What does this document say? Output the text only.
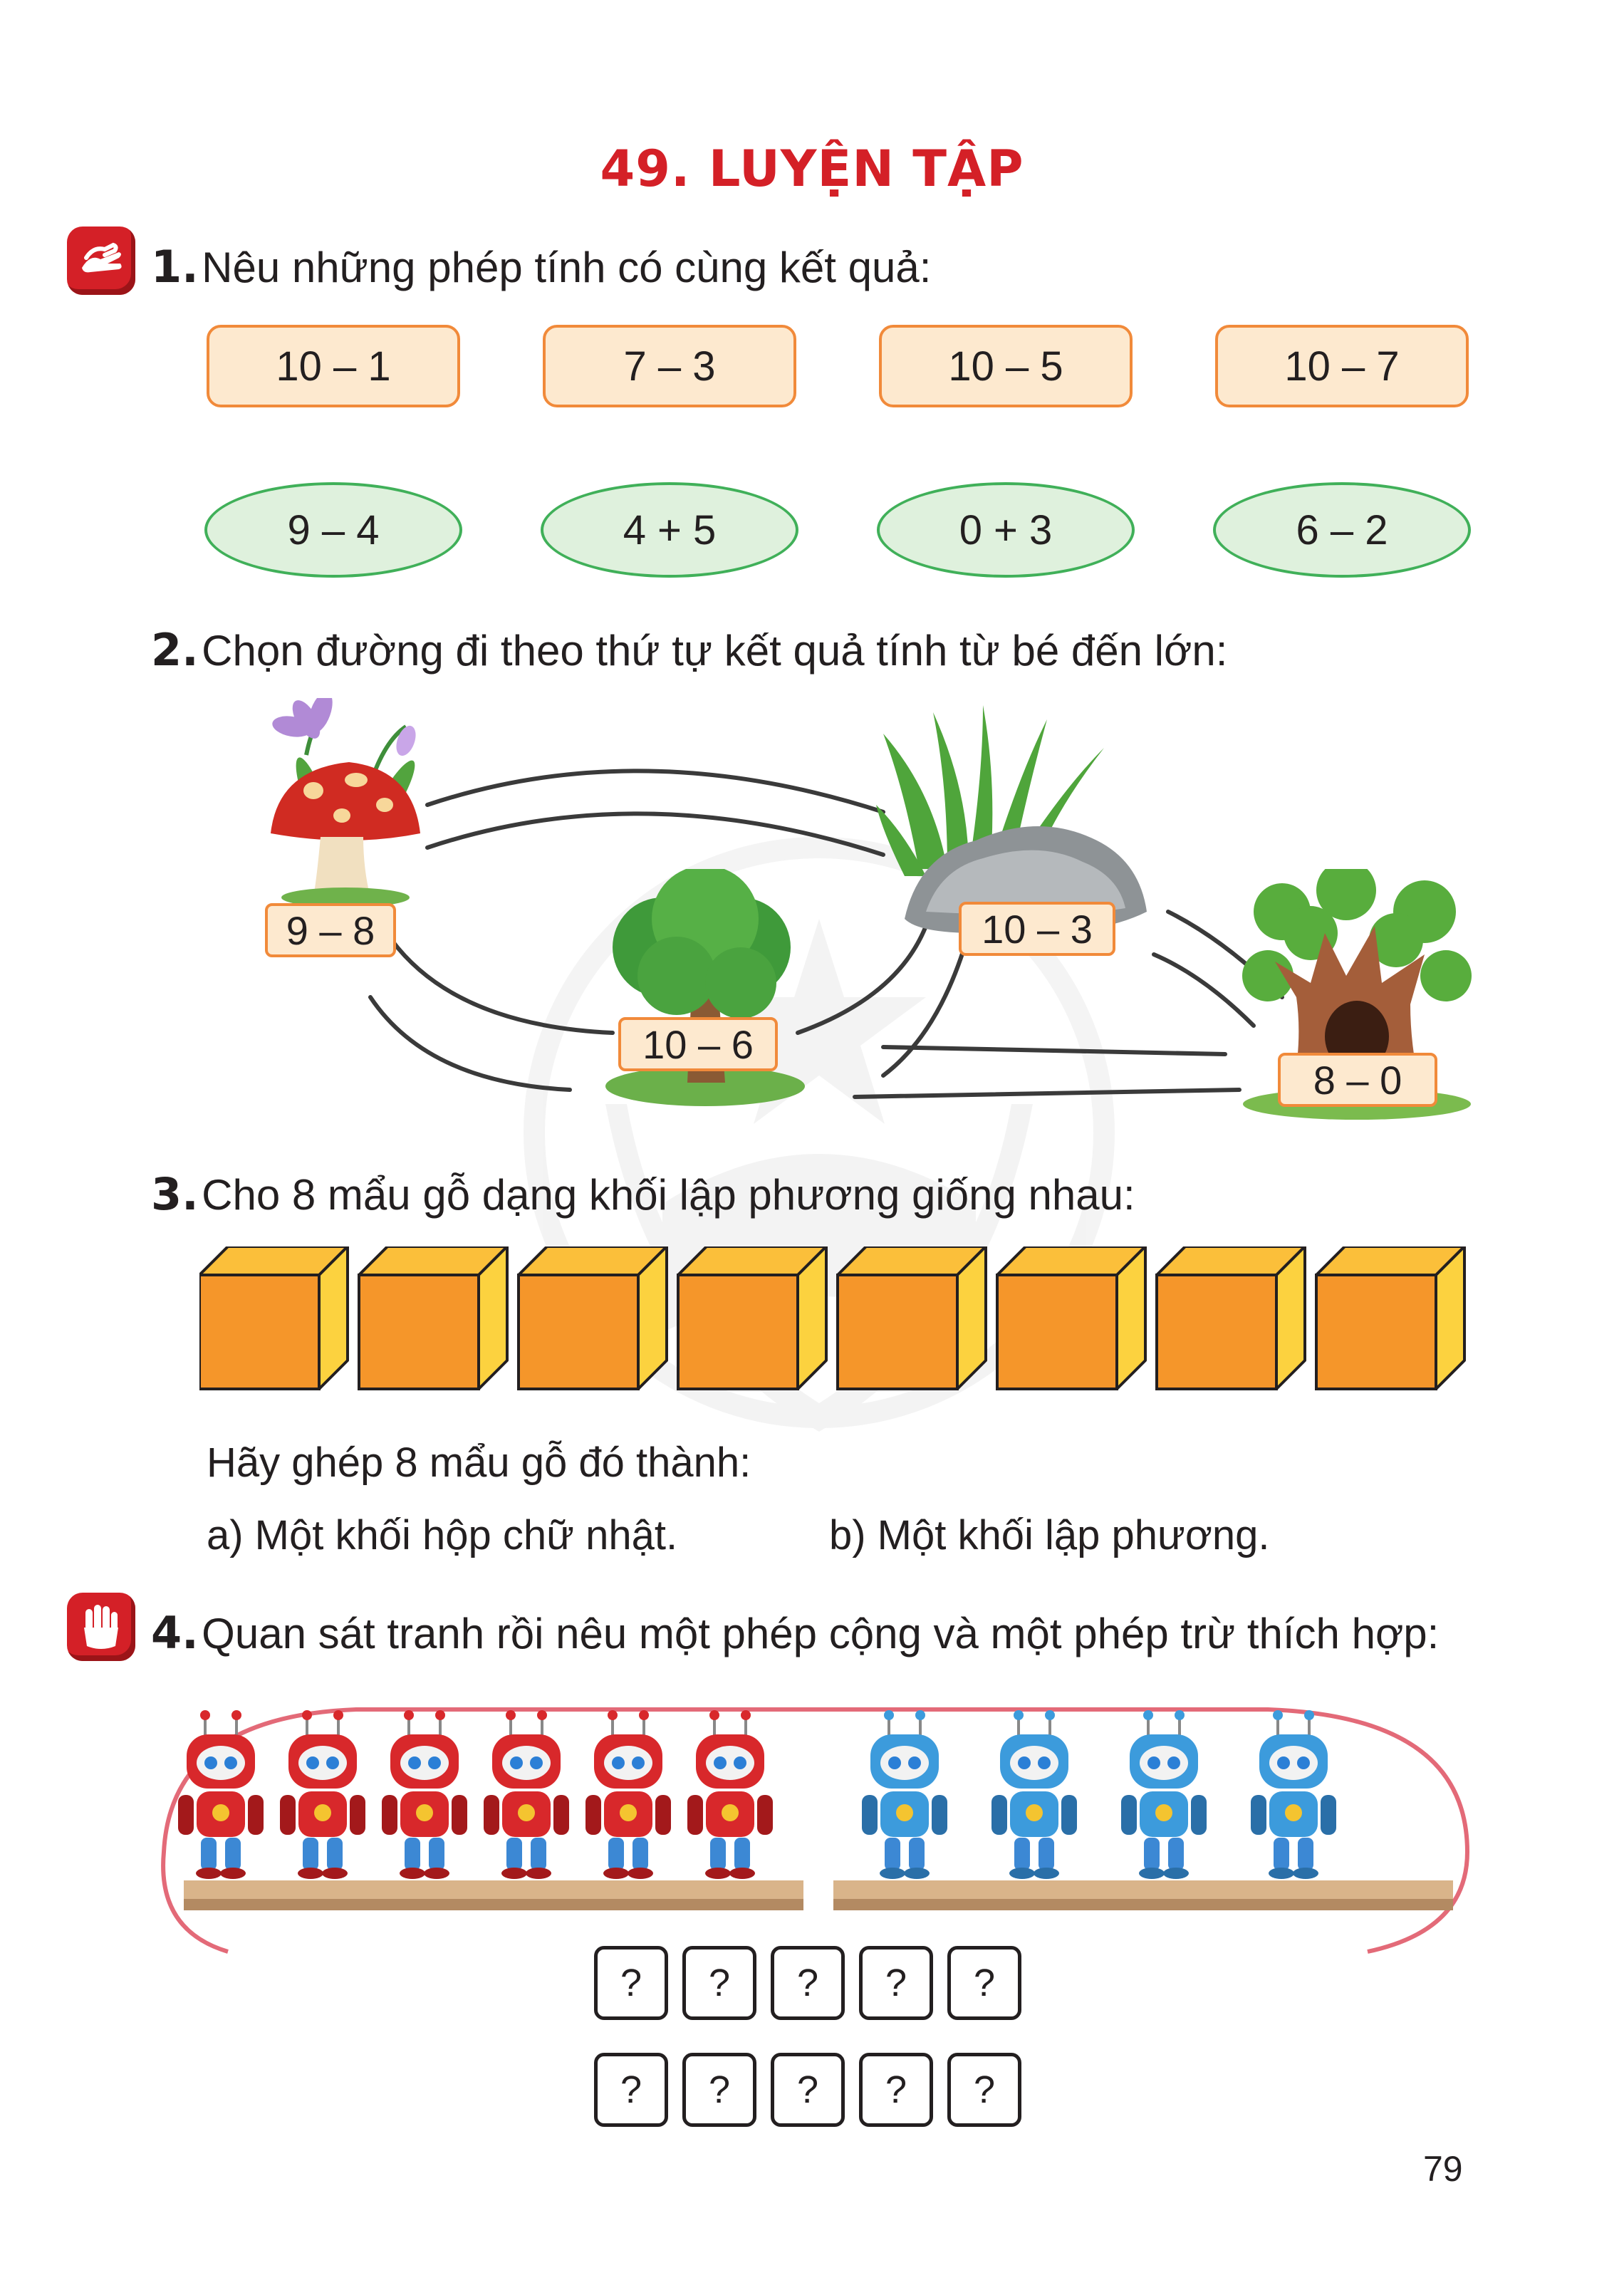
49. LUYỆN TẬP
1. Nêu những phép tính có cùng kết quả:
10 – 1	7 – 3	10 – 5	10 – 7
9 – 4	4 + 5	0 + 3	6 – 2
2. Chọn đường đi theo thứ tự kết quả tính từ bé đến lớn:
9 – 8
10 – 6
10 – 3
8 – 0
3. Cho 8 mẩu gỗ dạng khối lập phương giống nhau:
Hãy ghép 8 mẩu gỗ đó thành:
a) Một khối hộp chữ nhật.	b) Một khối lập phương.
4. Quan sát tranh rồi nêu một phép cộng và một phép trừ thích hợp:
?	?	?	?	?
?	?	?	?	?
79
